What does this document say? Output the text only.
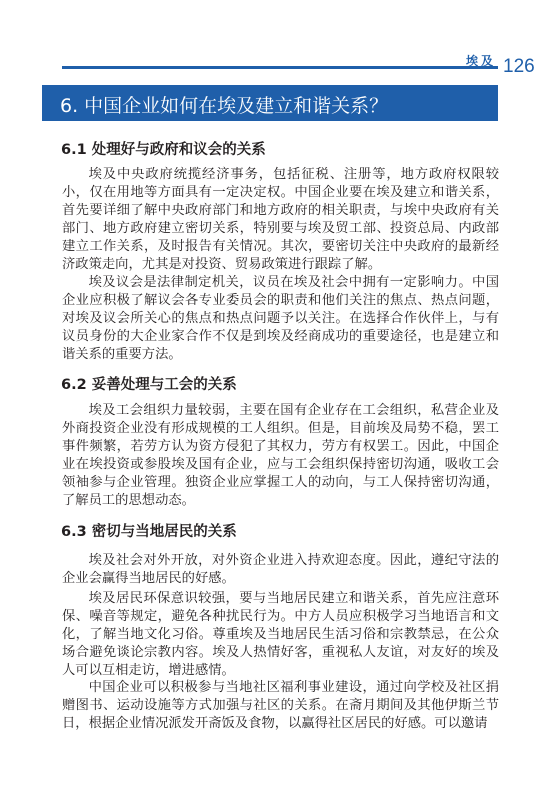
埃及 126
6. 中国企业如何在埃及建立和谐关系？
6.1 处理好与政府和议会的关系

埃及中央政府统揽经济事务，包括征税、注册等，地方政府权限较小，仅在用地等方面具有一定决定权。中国企业要在埃及建立和谐关系，首先要详细了解中央政府部门和地方政府的相关职责，与埃中央政府有关部门、地方政府建立密切关系，特别要与埃及贸工部、投资总局、内政部建立工作关系，及时报告有关情况。其次，要密切关注中央政府的最新经济政策走向，尤其是对投资、贸易政策进行跟踪了解。

埃及议会是法律制定机关，议员在埃及社会中拥有一定影响力。中国企业应积极了解议会各专业委员会的职责和他们关注的焦点、热点问题，对埃及议会所关心的焦点和热点问题予以关注。在选择合作伙伴上，与有议员身份的大企业家合作不仅是到埃及经商成功的重要途径，也是建立和谐关系的重要方法。

6.2 妥善处理与工会的关系

埃及工会组织力量较弱，主要在国有企业存在工会组织，私营企业及外商投资企业没有形成规模的工人组织。但是，目前埃及局势不稳，罢工事件频繁，若劳方认为资方侵犯了其权力，劳方有权罢工。因此，中国企业在埃投资或参股埃及国有企业，应与工会组织保持密切沟通，吸收工会领袖参与企业管理。独资企业应掌握工人的动向，与工人保持密切沟通，了解员工的思想动态。

6.3 密切与当地居民的关系

埃及社会对外开放，对外资企业进入持欢迎态度。因此，遵纪守法的企业会赢得当地居民的好感。

埃及居民环保意识较强，要与当地居民建立和谐关系，首先应注意环保、噪音等规定，避免各种扰民行为。中方人员应积极学习当地语言和文化，了解当地文化习俗。尊重埃及当地居民生活习俗和宗教禁忌，在公众场合避免谈论宗教内容。埃及人热情好客，重视私人友谊，对友好的埃及人可以互相走访，增进感情。

中国企业可以积极参与当地社区福利事业建设，通过向学校及社区捐赠图书、运动设施等方式加强与社区的关系。在斋月期间及其他伊斯兰节日，根据企业情况派发开斋饭及食物，以赢得社区居民的好感。可以邀请
